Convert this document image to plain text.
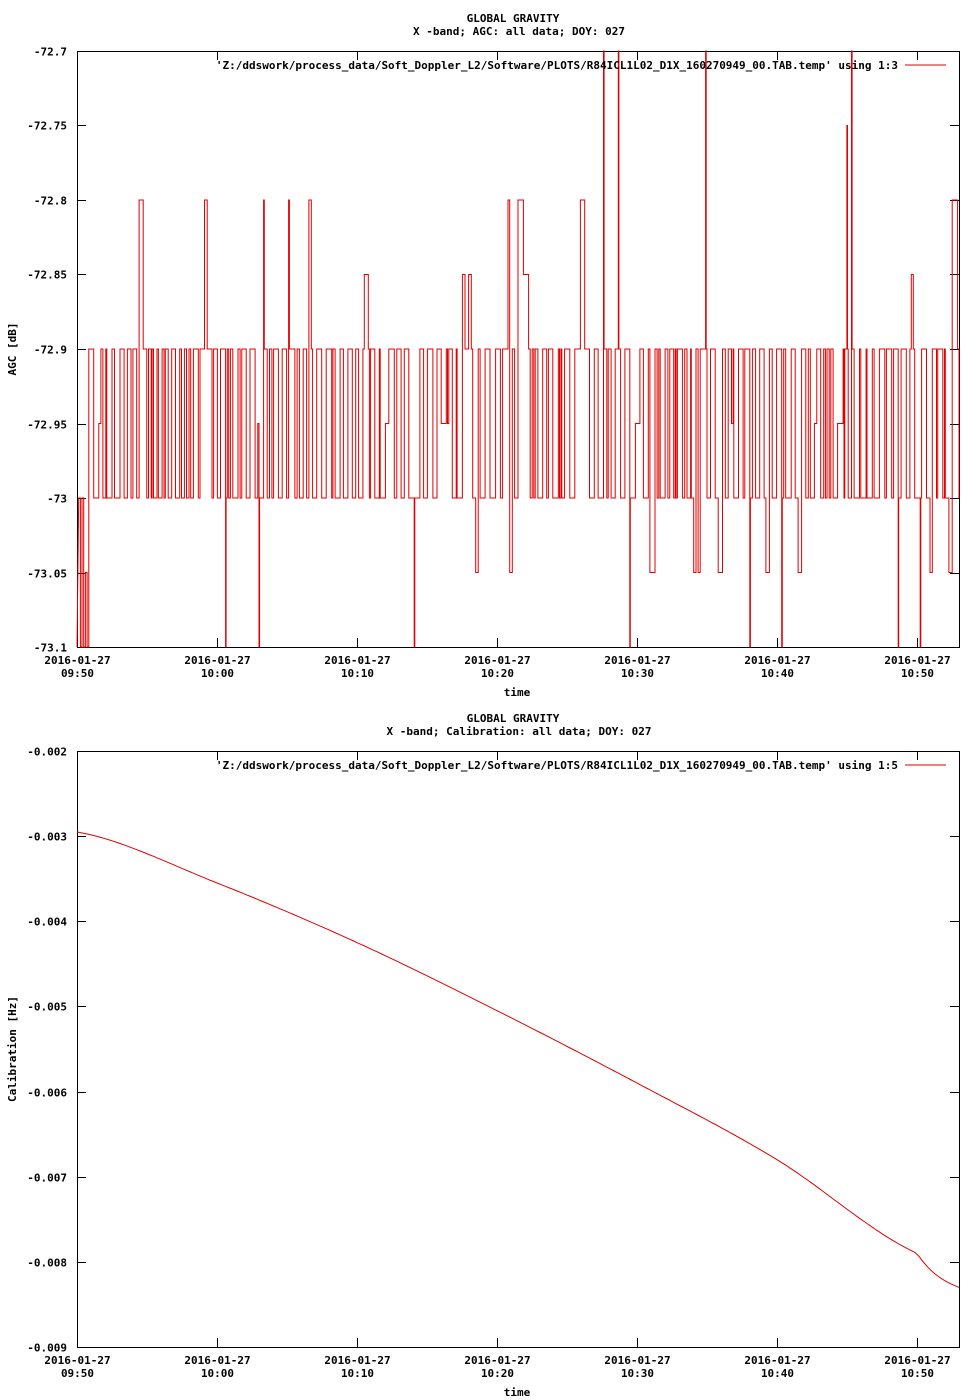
GLOBAL GRAVITY
X -band; AGC: all data; DOY: 027
-72.7
-72.75
-72.8
-72.85
-72.9
-72.95
-73
-73.05
-73.1
2016-01-27
09:50
2016-01-27
10:00
2016-01-27
10:10
2016-01-27
10:20
2016-01-27
10:30
2016-01-27
10:40
2016-01-27
10:50
time
AGC [dB]
'Z:/ddswork/process_data/Soft_Doppler_L2/Software/PLOTS/R84ICL1L02_D1X_160270949_00.TAB.temp' using 1:3
GLOBAL GRAVITY
X -band; Calibration: all data; DOY: 027
-0.002
-0.003
-0.004
-0.005
-0.006
-0.007
-0.008
-0.009
2016-01-27
09:50
2016-01-27
10:00
2016-01-27
10:10
2016-01-27
10:20
2016-01-27
10:30
2016-01-27
10:40
2016-01-27
10:50
time
Calibration [Hz]
'Z:/ddswork/process_data/Soft_Doppler_L2/Software/PLOTS/R84ICL1L02_D1X_160270949_00.TAB.temp' using 1:5
